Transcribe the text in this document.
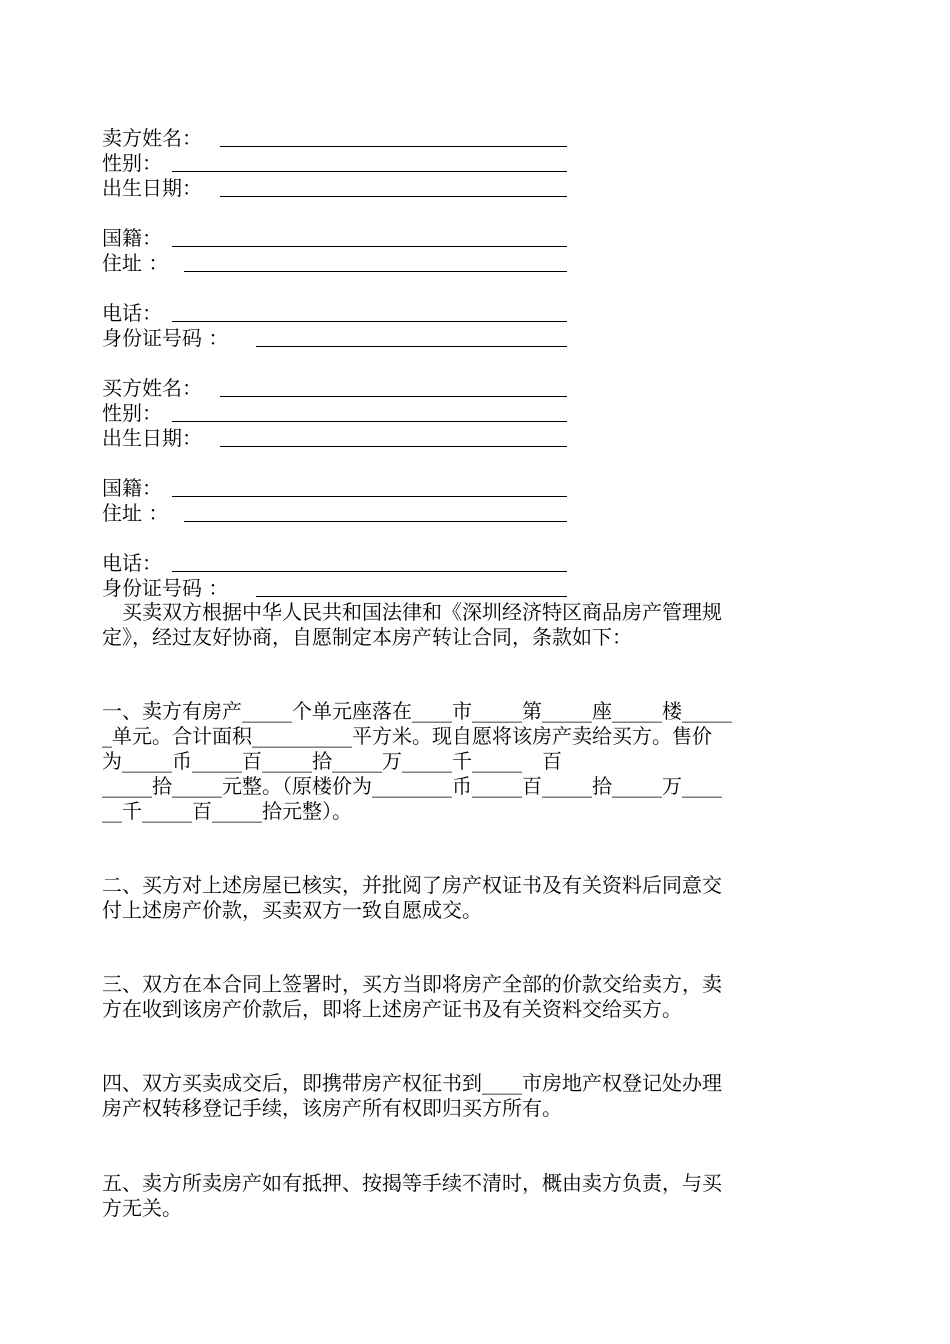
卖方姓名：
性别：
出生日期：
国籍：
住址 ：
电话：
身份证号码 ：
买方姓名：
性别：
出生日期：
国籍：
住址 ：
电话：
身份证号码 ：
　买卖双方根据中华人民共和国法律和《深圳经济特区商品房产管理规
定》，经过友好协商，自愿制定本房产转让合同，条款如下：
一、卖方有房产_____个单元座落在____市_____第_____座_____楼_____
_单元。合计面积__________平方米。现自愿将该房产卖给买方。售价
为_____币_____百_____拾_____万_____千_____　百
_____拾_____元整。（原楼价为________币_____百_____拾_____万____
__千_____百_____拾元整）。
二、买方对上述房屋已核实，并批阅了房产权证书及有关资料后同意交
付上述房产价款，买卖双方一致自愿成交。
三、双方在本合同上签署时，买方当即将房产全部的价款交给卖方，卖
方在收到该房产价款后，即将上述房产证书及有关资料交给买方。
四、双方买卖成交后，即携带房产权征书到____市房地产权登记处办理
房产权转移登记手续，该房产所有权即归买方所有。
五、卖方所卖房产如有抵押、按揭等手续不清时，概由卖方负责，与买
方无关。
